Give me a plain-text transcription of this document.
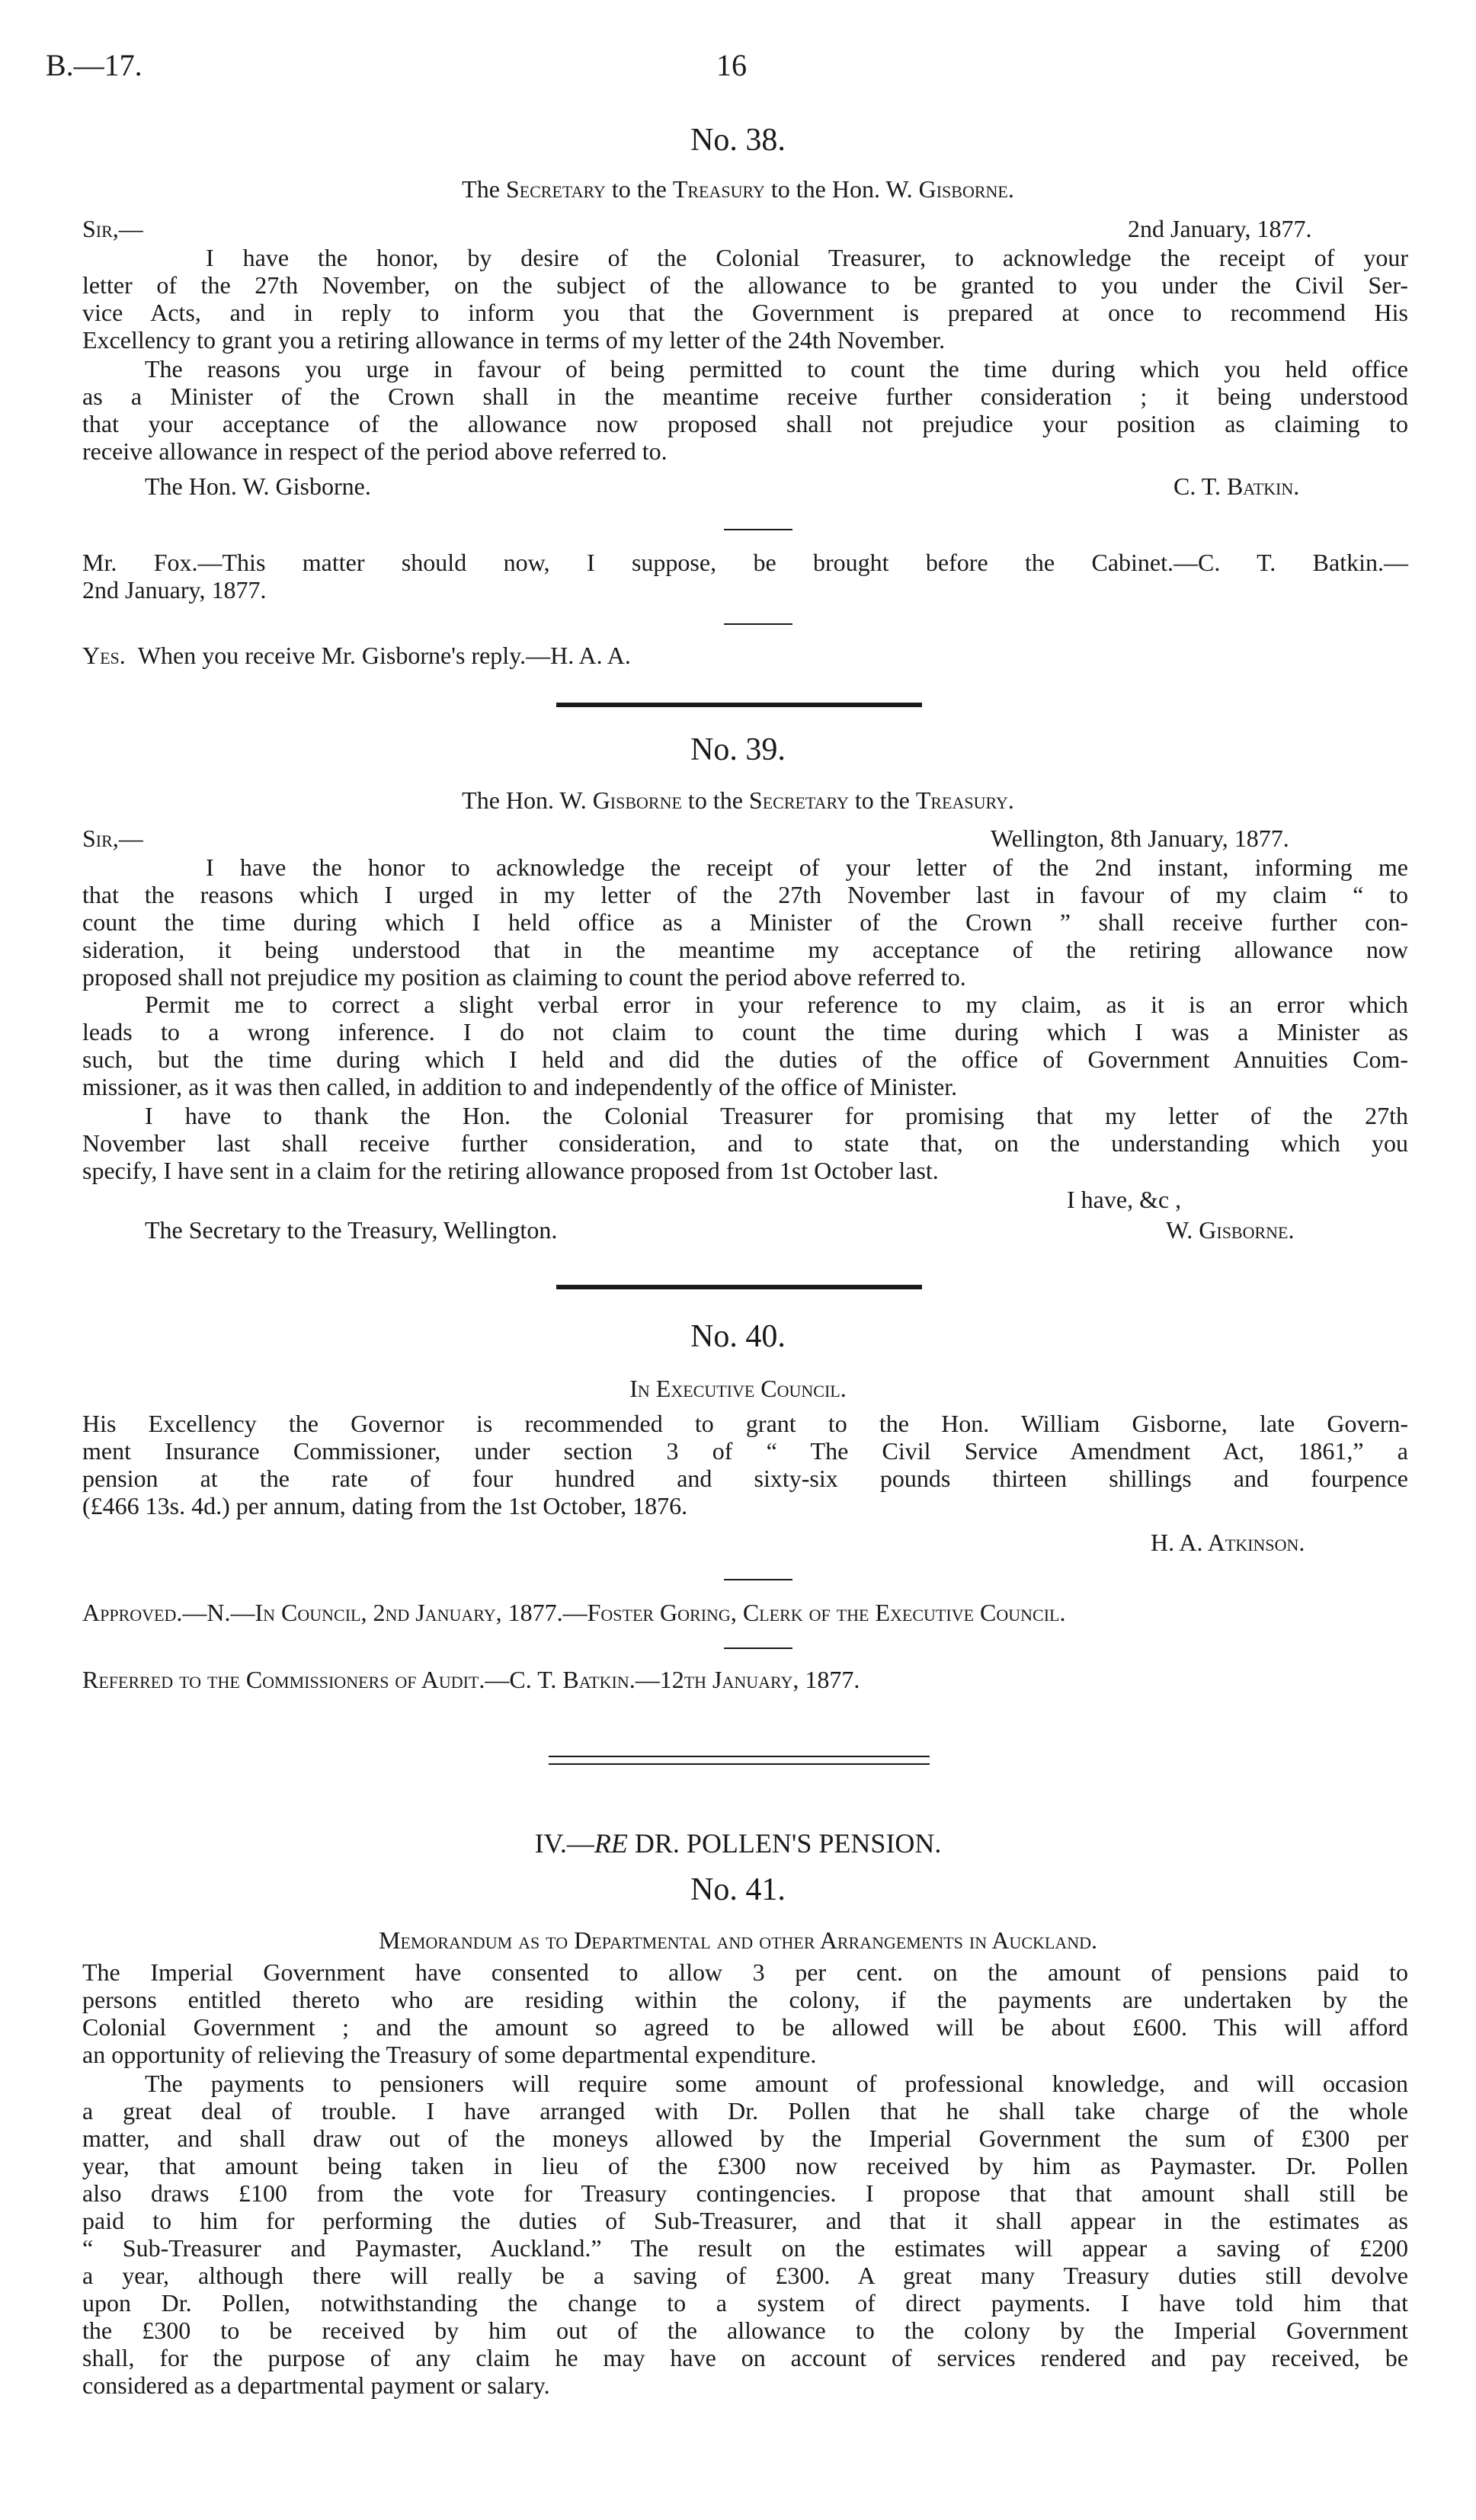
B.—17.	16
No. 38.
The Secretary to the Treasury to the Hon. W. Gisborne.
Sir,—	2nd January, 1877.
I have the honor, by desire of the Colonial Treasurer, to acknowledge the receipt of your
letter of the 27th November, on the subject of the allowance to be granted to you under the Civil Ser-
vice Acts, and in reply to inform you that the Government is prepared at once to recommend His
Excellency to grant you a retiring allowance in terms of my letter of the 24th November.
The reasons you urge in favour of being permitted to count the time during which you held office
as a Minister of the Crown shall in the meantime receive further consideration ; it being understood
that your acceptance of the allowance now proposed shall not prejudice your position as claiming to
receive allowance in respect of the period above referred to.
The Hon. W. Gisborne.	C. T. Batkin.
Mr. Fox.—This matter should now, I suppose, be brought before the Cabinet.—C. T. Batkin.—
2nd January, 1877.
Yes. When you receive Mr. Gisborne's reply.—H. A. A.
No. 39.
The Hon. W. Gisborne to the Secretary to the Treasury.
Sir,—	Wellington, 8th January, 1877.
I have the honor to acknowledge the receipt of your letter of the 2nd instant, informing me
that the reasons which I urged in my letter of the 27th November last in favour of my claim “ to
count the time during which I held office as a Minister of the Crown ” shall receive further con-
sideration, it being understood that in the meantime my acceptance of the retiring allowance now
proposed shall not prejudice my position as claiming to count the period above referred to.
Permit me to correct a slight verbal error in your reference to my claim, as it is an error which
leads to a wrong inference. I do not claim to count the time during which I was a Minister as
such, but the time during which I held and did the duties of the office of Government Annuities Com-
missioner, as it was then called, in addition to and independently of the office of Minister.
I have to thank the Hon. the Colonial Treasurer for promising that my letter of the 27th
November last shall receive further consideration, and to state that, on the understanding which you
specify, I have sent in a claim for the retiring allowance proposed from 1st October last.
I have, &c ,
The Secretary to the Treasury, Wellington.	W. Gisborne.
No. 40.
In Executive Council.
His Excellency the Governor is recommended to grant to the Hon. William Gisborne, late Govern-
ment Insurance Commissioner, under section 3 of “ The Civil Service Amendment Act, 1861,” a
pension at the rate of four hundred and sixty-six pounds thirteen shillings and fourpence
(£466 13s. 4d.) per annum, dating from the 1st October, 1876.
H. A. Atkinson.
Approved.—N.—In Council, 2nd January, 1877.—Foster Goring, Clerk of the Executive Council.
Referred to the Commissioners of Audit.—C. T. Batkin.—12th January, 1877.
IV.—RE DR. POLLEN'S PENSION.
No. 41.
Memorandum as to Departmental and other Arrangements in Auckland.
The Imperial Government have consented to allow 3 per cent. on the amount of pensions paid to
persons entitled thereto who are residing within the colony, if the payments are undertaken by the
Colonial Government ; and the amount so agreed to be allowed will be about £600. This will afford
an opportunity of relieving the Treasury of some departmental expenditure.
The payments to pensioners will require some amount of professional knowledge, and will occasion
a great deal of trouble. I have arranged with Dr. Pollen that he shall take charge of the whole
matter, and shall draw out of the moneys allowed by the Imperial Government the sum of £300 per
year, that amount being taken in lieu of the £300 now received by him as Paymaster. Dr. Pollen
also draws £100 from the vote for Treasury contingencies. I propose that that amount shall still be
paid to him for performing the duties of Sub-Treasurer, and that it shall appear in the estimates as
“ Sub-Treasurer and Paymaster, Auckland.” The result on the estimates will appear a saving of £200
a year, although there will really be a saving of £300. A great many Treasury duties still devolve
upon Dr. Pollen, notwithstanding the change to a system of direct payments. I have told him that
the £300 to be received by him out of the allowance to the colony by the Imperial Government
shall, for the purpose of any claim he may have on account of services rendered and pay received, be
considered as a departmental payment or salary.
